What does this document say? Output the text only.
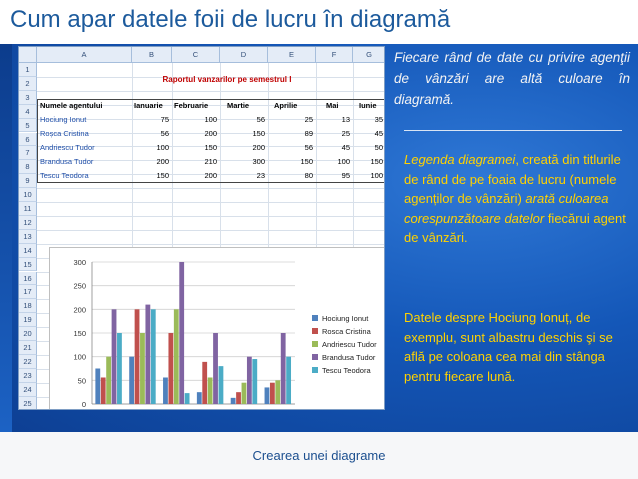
Cum apar datele foii de lucru în diagramă
A	B	C	D	E	F	G
1
2
3
4
5
6
7
8
9
10
11
12
13
14
15
16
17
18
19
20
21
22
23
24
25
Raportul vanzarilor pe semestrul I
Numele agentului	Ianuarie	Februarie	Martie	Aprilie	Mai	Iunie
Hociung Ionut	75	100	56	25	13	35
Roșca Cristina	56	200	150	89	25	45
Andriescu Tudor	100	150	200	56	45	50
Brandusa Tudor	200	210	300	150	100	150
Tescu Teodora	150	200	23	80	95	100
0
50
100
150
200
250
300
Hociung Ionut
Rosca Cristina
Andriescu Tudor
Brandusa Tudor
Tescu Teodora
Fiecare rând de date cu privire agenţii de vânzări are altă culoare în diagramă.
Legenda diagramei, creată din titlurile de rând de pe foaia de lucru (numele agenților de vânzări) arată culoarea corespunzătoare datelor fiecărui agent de vânzări.
Datele despre Hociung Ionuț, de exemplu, sunt albastru deschis şi se află pe coloana cea mai din stânga pentru fiecare lună.
Crearea unei diagrame
